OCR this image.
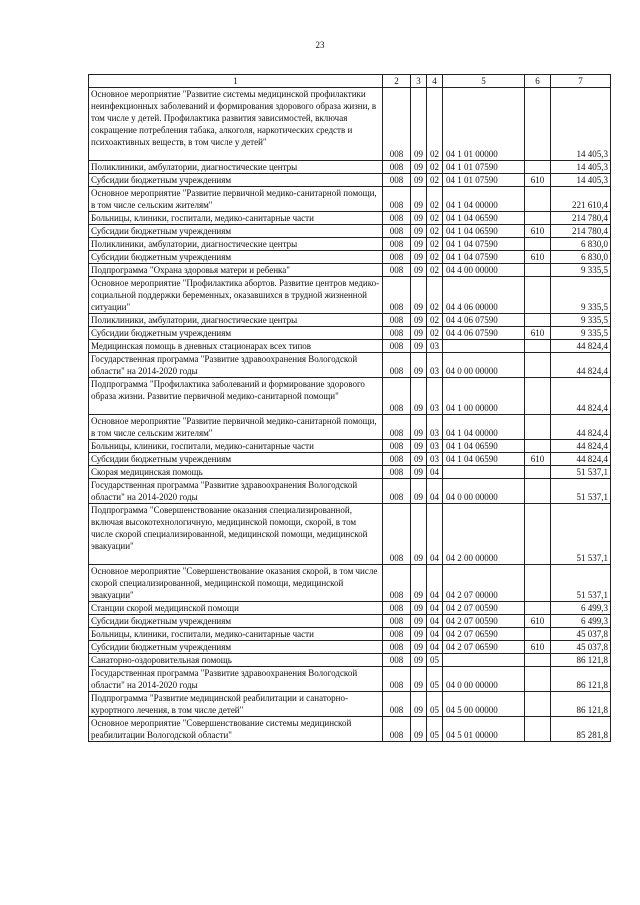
23
1	2	3	4	5	6	7
Основное мероприятие "Развитие системы медицинской профилактики неинфекционных заболеваний и формирования здорового образа жизни, в том числе у детей. Профилактика развития зависимостей, включая сокращение потребления табака, алкоголя, наркотических средств и психоактивных веществ, в том числе у детей"	008	09	02	04 1 01 00000		14 405,3
Поликлиники, амбулатории, диагностические центры	008	09	02	04 1 01 07590		14 405,3
Субсидии бюджетным учреждениям	008	09	02	04 1 01 07590	610	14 405,3
Основное мероприятие "Развитие первичной медико-санитарной помощи, в том числе сельским жителям"	008	09	02	04 1 04 00000		221 610,4
Больницы, клиники, госпитали, медико-санитарные части	008	09	02	04 1 04 06590		214 780,4
Субсидии бюджетным учреждениям	008	09	02	04 1 04 06590	610	214 780,4
Поликлиники, амбулатории, диагностические центры	008	09	02	04 1 04 07590		6 830,0
Субсидии бюджетным учреждениям	008	09	02	04 1 04 07590	610	6 830,0
Подпрограмма "Охрана здоровья матери и ребенка"	008	09	02	04 4 00 00000		9 335,5
Основное мероприятие "Профилактика абортов. Развитие центров медико-социальной поддержки беременных, оказавшихся в трудной жизненной ситуации"	008	09	02	04 4 06 00000		9 335,5
Поликлиники, амбулатории, диагностические центры	008	09	02	04 4 06 07590		9 335,5
Субсидии бюджетным учреждениям	008	09	02	04 4 06 07590	610	9 335,5
Медицинская помощь в дневных стационарах всех типов	008	09	03			44 824,4
Государственная программа "Развитие здравоохранения Вологодской области" на 2014-2020 годы	008	09	03	04 0 00 00000		44 824,4
Подпрограмма "Профилактика заболеваний и формирование здорового образа жизни. Развитие первичной медико-санитарной помощи"	008	09	03	04 1 00 00000		44 824,4
Основное мероприятие "Развитие первичной медико-санитарной помощи, в том числе сельским жителям"	008	09	03	04 1 04 00000		44 824,4
Больницы, клиники, госпитали, медико-санитарные части	008	09	03	04 1 04 06590		44 824,4
Субсидии бюджетным учреждениям	008	09	03	04 1 04 06590	610	44 824,4
Скорая медицинская помощь	008	09	04			51 537,1
Государственная программа "Развитие здравоохранения Вологодской области" на 2014-2020 годы	008	09	04	04 0 00 00000		51 537,1
Подпрограмма "Совершенствование оказания специализированной, включая высокотехнологичную, медицинской помощи, скорой, в том числе скорой специализированной, медицинской помощи, медицинской эвакуации"	008	09	04	04 2 00 00000		51 537,1
Основное мероприятие "Совершенствование оказания скорой, в том числе скорой специализированной, медицинской помощи, медицинской эвакуации"	008	09	04	04 2 07 00000		51 537,1
Станции скорой медицинской помощи	008	09	04	04 2 07 00590		6 499,3
Субсидии бюджетным учреждениям	008	09	04	04 2 07 00590	610	6 499,3
Больницы, клиники, госпитали, медико-санитарные части	008	09	04	04 2 07 06590		45 037,8
Субсидии бюджетным учреждениям	008	09	04	04 2 07 06590	610	45 037,8
Санаторно-оздоровительная помощь	008	09	05			86 121,8
Государственная программа "Развитие здравоохранения Вологодской области" на 2014-2020 годы	008	09	05	04 0 00 00000		86 121,8
Подпрограмма "Развитие медицинской реабилитации и санаторно-курортного лечения, в том числе детей"	008	09	05	04 5 00 00000		86 121,8
Основное мероприятие "Совершенствование системы медицинской реабилитации Вологодской области"	008	09	05	04 5 01 00000		85 281,8
